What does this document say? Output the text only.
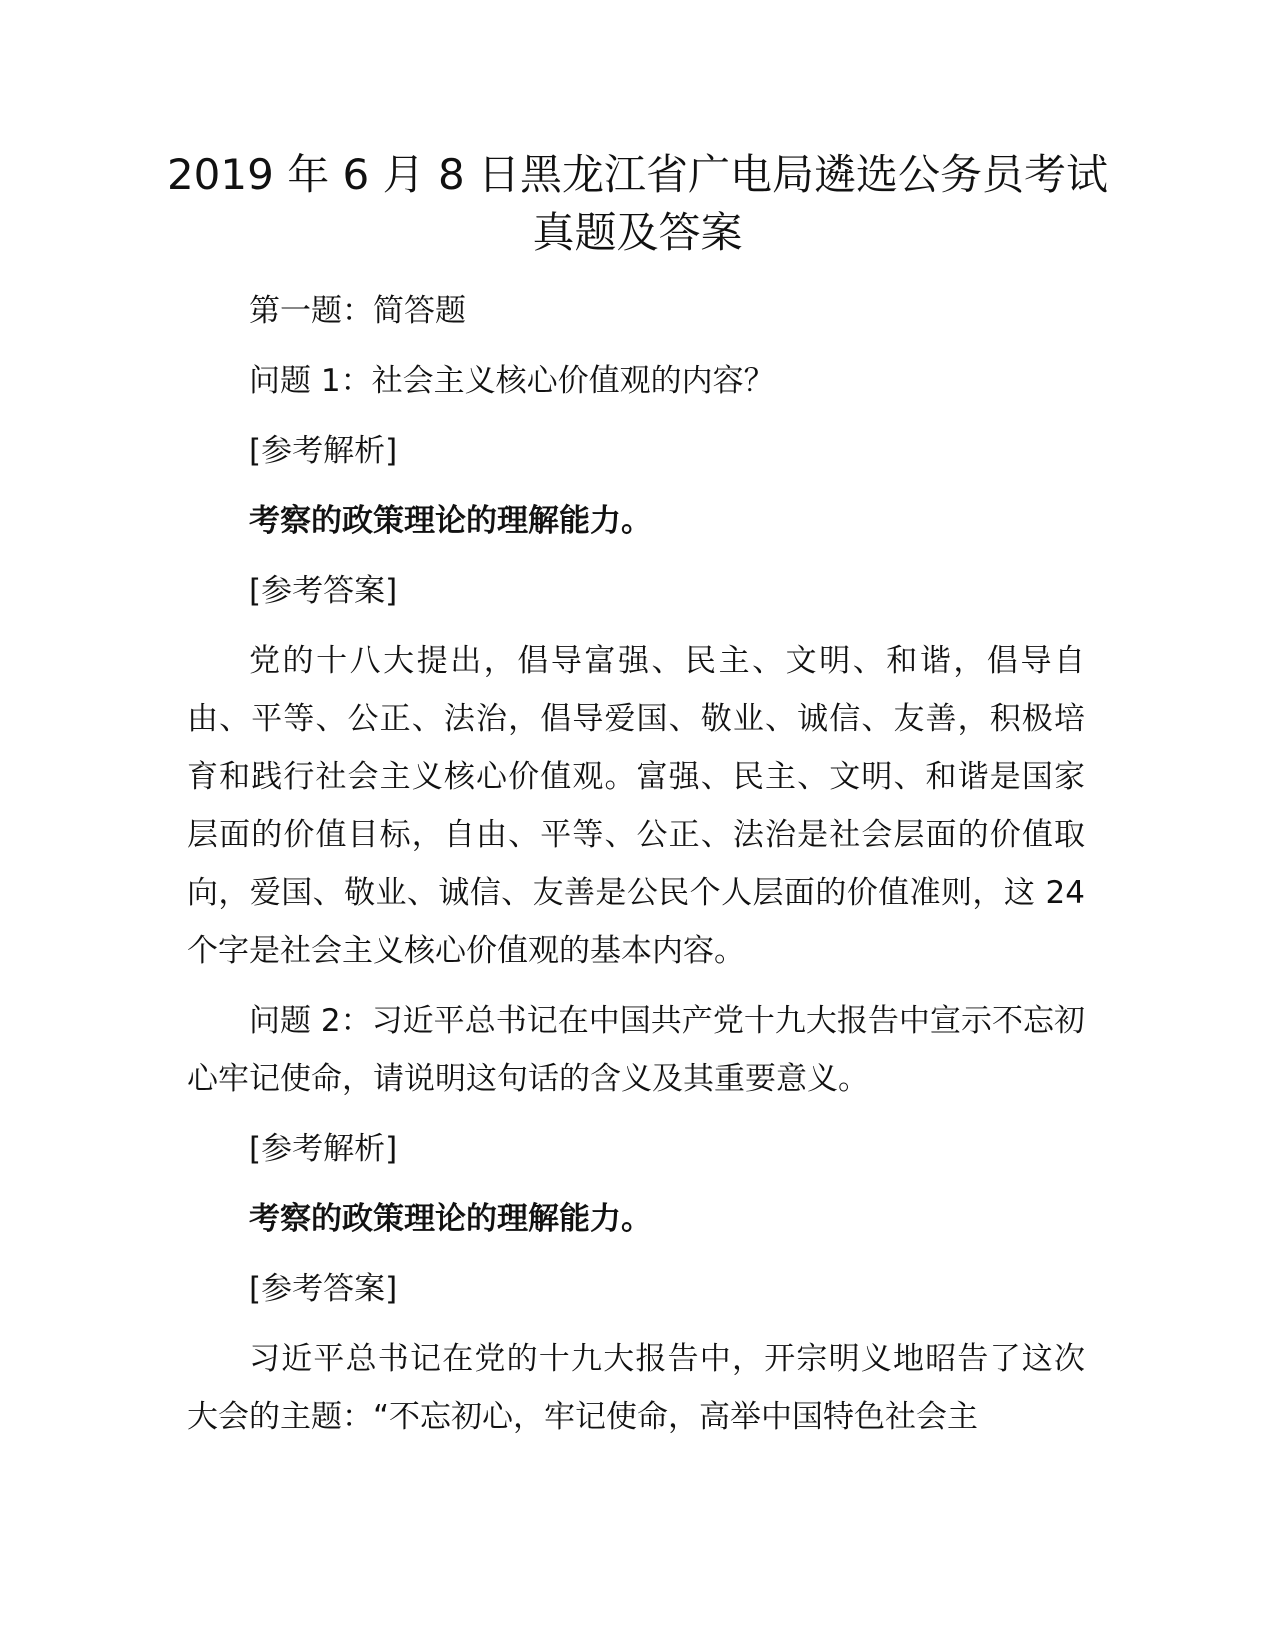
2019 年 6 月 8 日黑龙江省广电局遴选公务员考试真题及答案

第一题：简答题

问题 1：社会主义核心价值观的内容？

[参考解析]

考察的政策理论的理解能力。

[参考答案]

党的十八大提出，倡导富强、民主、文明、和谐，倡导自由、平等、公正、法治，倡导爱国、敬业、诚信、友善，积极培育和践行社会主义核心价值观。富强、民主、文明、和谐是国家层面的价值目标，自由、平等、公正、法治是社会层面的价值取向，爱国、敬业、诚信、友善是公民个人层面的价值准则，这 24 个字是社会主义核心价值观的基本内容。

问题 2：习近平总书记在中国共产党十九大报告中宣示不忘初心牢记使命，请说明这句话的含义及其重要意义。

[参考解析]

考察的政策理论的理解能力。

[参考答案]

习近平总书记在党的十九大报告中，开宗明义地昭告了这次大会的主题：“不忘初心，牢记使命，高举中国特色社会主
